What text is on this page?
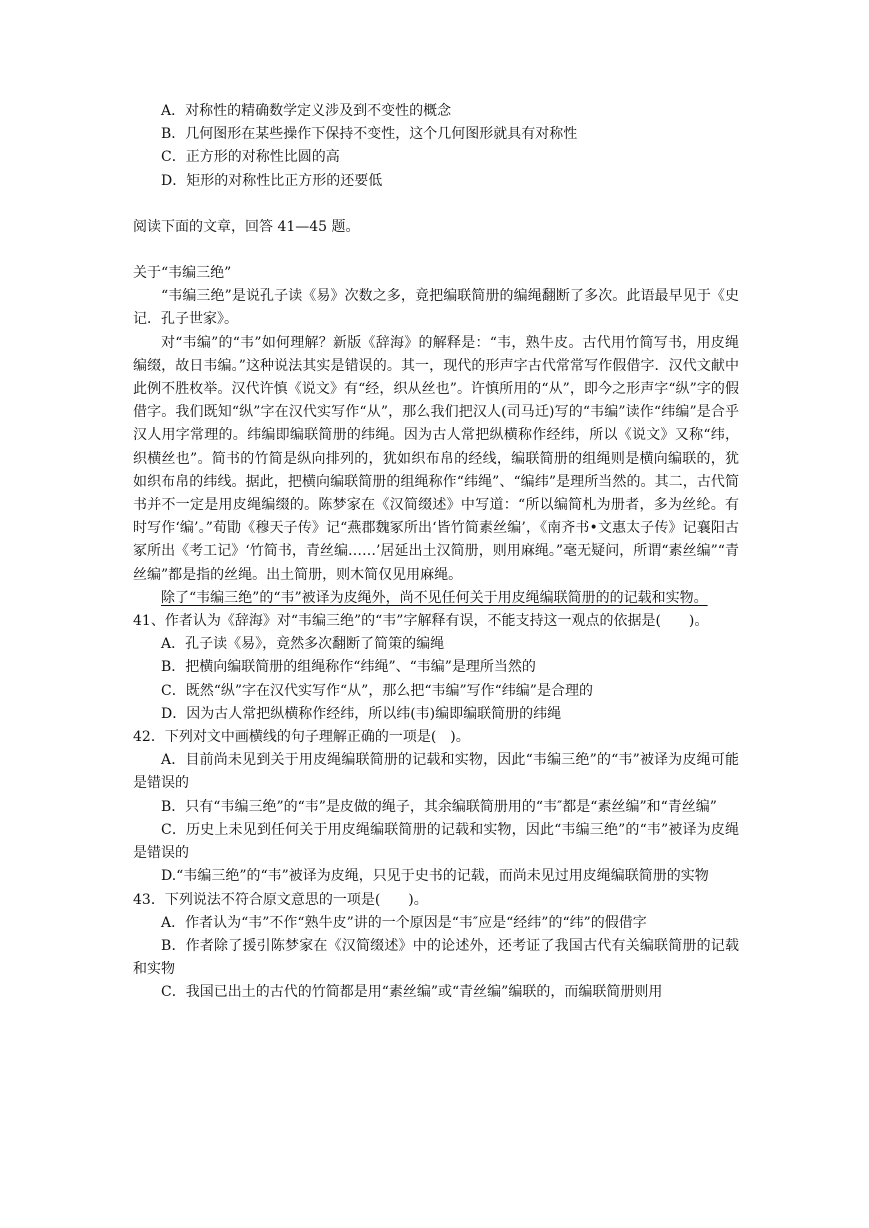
A．对称性的精确数学定义涉及到不变性的概念
B．几何图形在某些操作下保持不变性，这个几何图形就具有对称性
C．正方形的对称性比圆的高
D．矩形的对称性比正方形的还要低
阅读下面的文章，回答 41—45 题。
关于“韦编三绝”
“韦编三绝”是说孔子读《易》次数之多，竟把编联简册的编绳翻断了多次。此语最早见于《史记．孔子世家》。
对“韦编”的“韦”如何理解？新版《辞海》的解释是：“韦，熟牛皮。古代用竹简写书，用皮绳编缀，故日韦编。”这种说法其实是错误的。其一，现代的形声字古代常常写作假借字．汉代文献中此例不胜枚举。汉代许慎《说文》有“经，织从丝也”。许慎所用的“从”，即今之形声字“纵”字的假借字。我们既知“纵”字在汉代实写作“从”，那么我们把汉人(司马迁)写的“韦编”读作“纬编”是合乎汉人用字常理的。纬编即编联简册的纬绳。因为古人常把纵横称作经纬，所以《说文》又称“纬，织横丝也”。简书的竹简是纵向排列的，犹如织布帛的经线，编联简册的组绳则是横向编联的，犹如织布帛的纬线。据此，把横向编联简册的组绳称作“纬绳”、“编纬”是理所当然的。其二，古代简书并不一定是用皮绳编缀的。陈梦家在《汉简缀述》中写道：“所以编简札为册者，多为丝纶。有时写作‘编’。”荀勖《穆天子传》记“燕郡魏冢所出‘皆竹简素丝编’，《南齐书•文惠太子传》记襄阳古冢所出《考工记》‘竹简书，青丝编……’居延出土汉简册，则用麻绳。”毫无疑问，所谓“素丝编”“青丝编”都是指的丝绳。出土简册，则木简仅见用麻绳。
除了“韦编三绝”的“韦”被译为皮绳外，尚不见任何关于用皮绳编联简册的的记载和实物。
41、作者认为《辞海》对“韦编三绝”的“韦”字解释有误，不能支持这一观点的依据是(　　)。
A．孔子读《易》，竟然多次翻断了简策的编绳
B．把横向编联简册的组绳称作“纬绳”、“韦编”是理所当然的
C．既然“纵”字在汉代实写作“从”，那么把“韦编”写作“纬编”是合理的
D．因为古人常把纵横称作经纬，所以纬(韦)编即编联简册的纬绳
42．下列对文中画横线的句子理解正确的一项是(　)。
A．目前尚未见到关于用皮绳编联简册的记载和实物，因此“韦编三绝”的“韦”被译为皮绳可能是错误的
B．只有“韦编三绝”的“韦”是皮做的绳子，其余编联简册用的“韦″都是“素丝编”和“青丝编”
C．历史上未见到任何关于用皮绳编联简册的记载和实物，因此“韦编三绝”的“韦”被译为皮绳是错误的
D.“韦编三绝”的“韦”被译为皮绳，只见于史书的记载，而尚未见过用皮绳编联简册的实物
43．下列说法不符合原文意思的一项是(　　)。
A．作者认为“韦”不作“熟牛皮”讲的一个原因是“韦″应是“经纬”的“纬”的假借字
B．作者除了援引陈梦家在《汉简缀述》中的论述外，还考证了我国古代有关编联简册的记载和实物
C．我国已出土的古代的竹简都是用“素丝编”或“青丝编”编联的，而编联简册则用
